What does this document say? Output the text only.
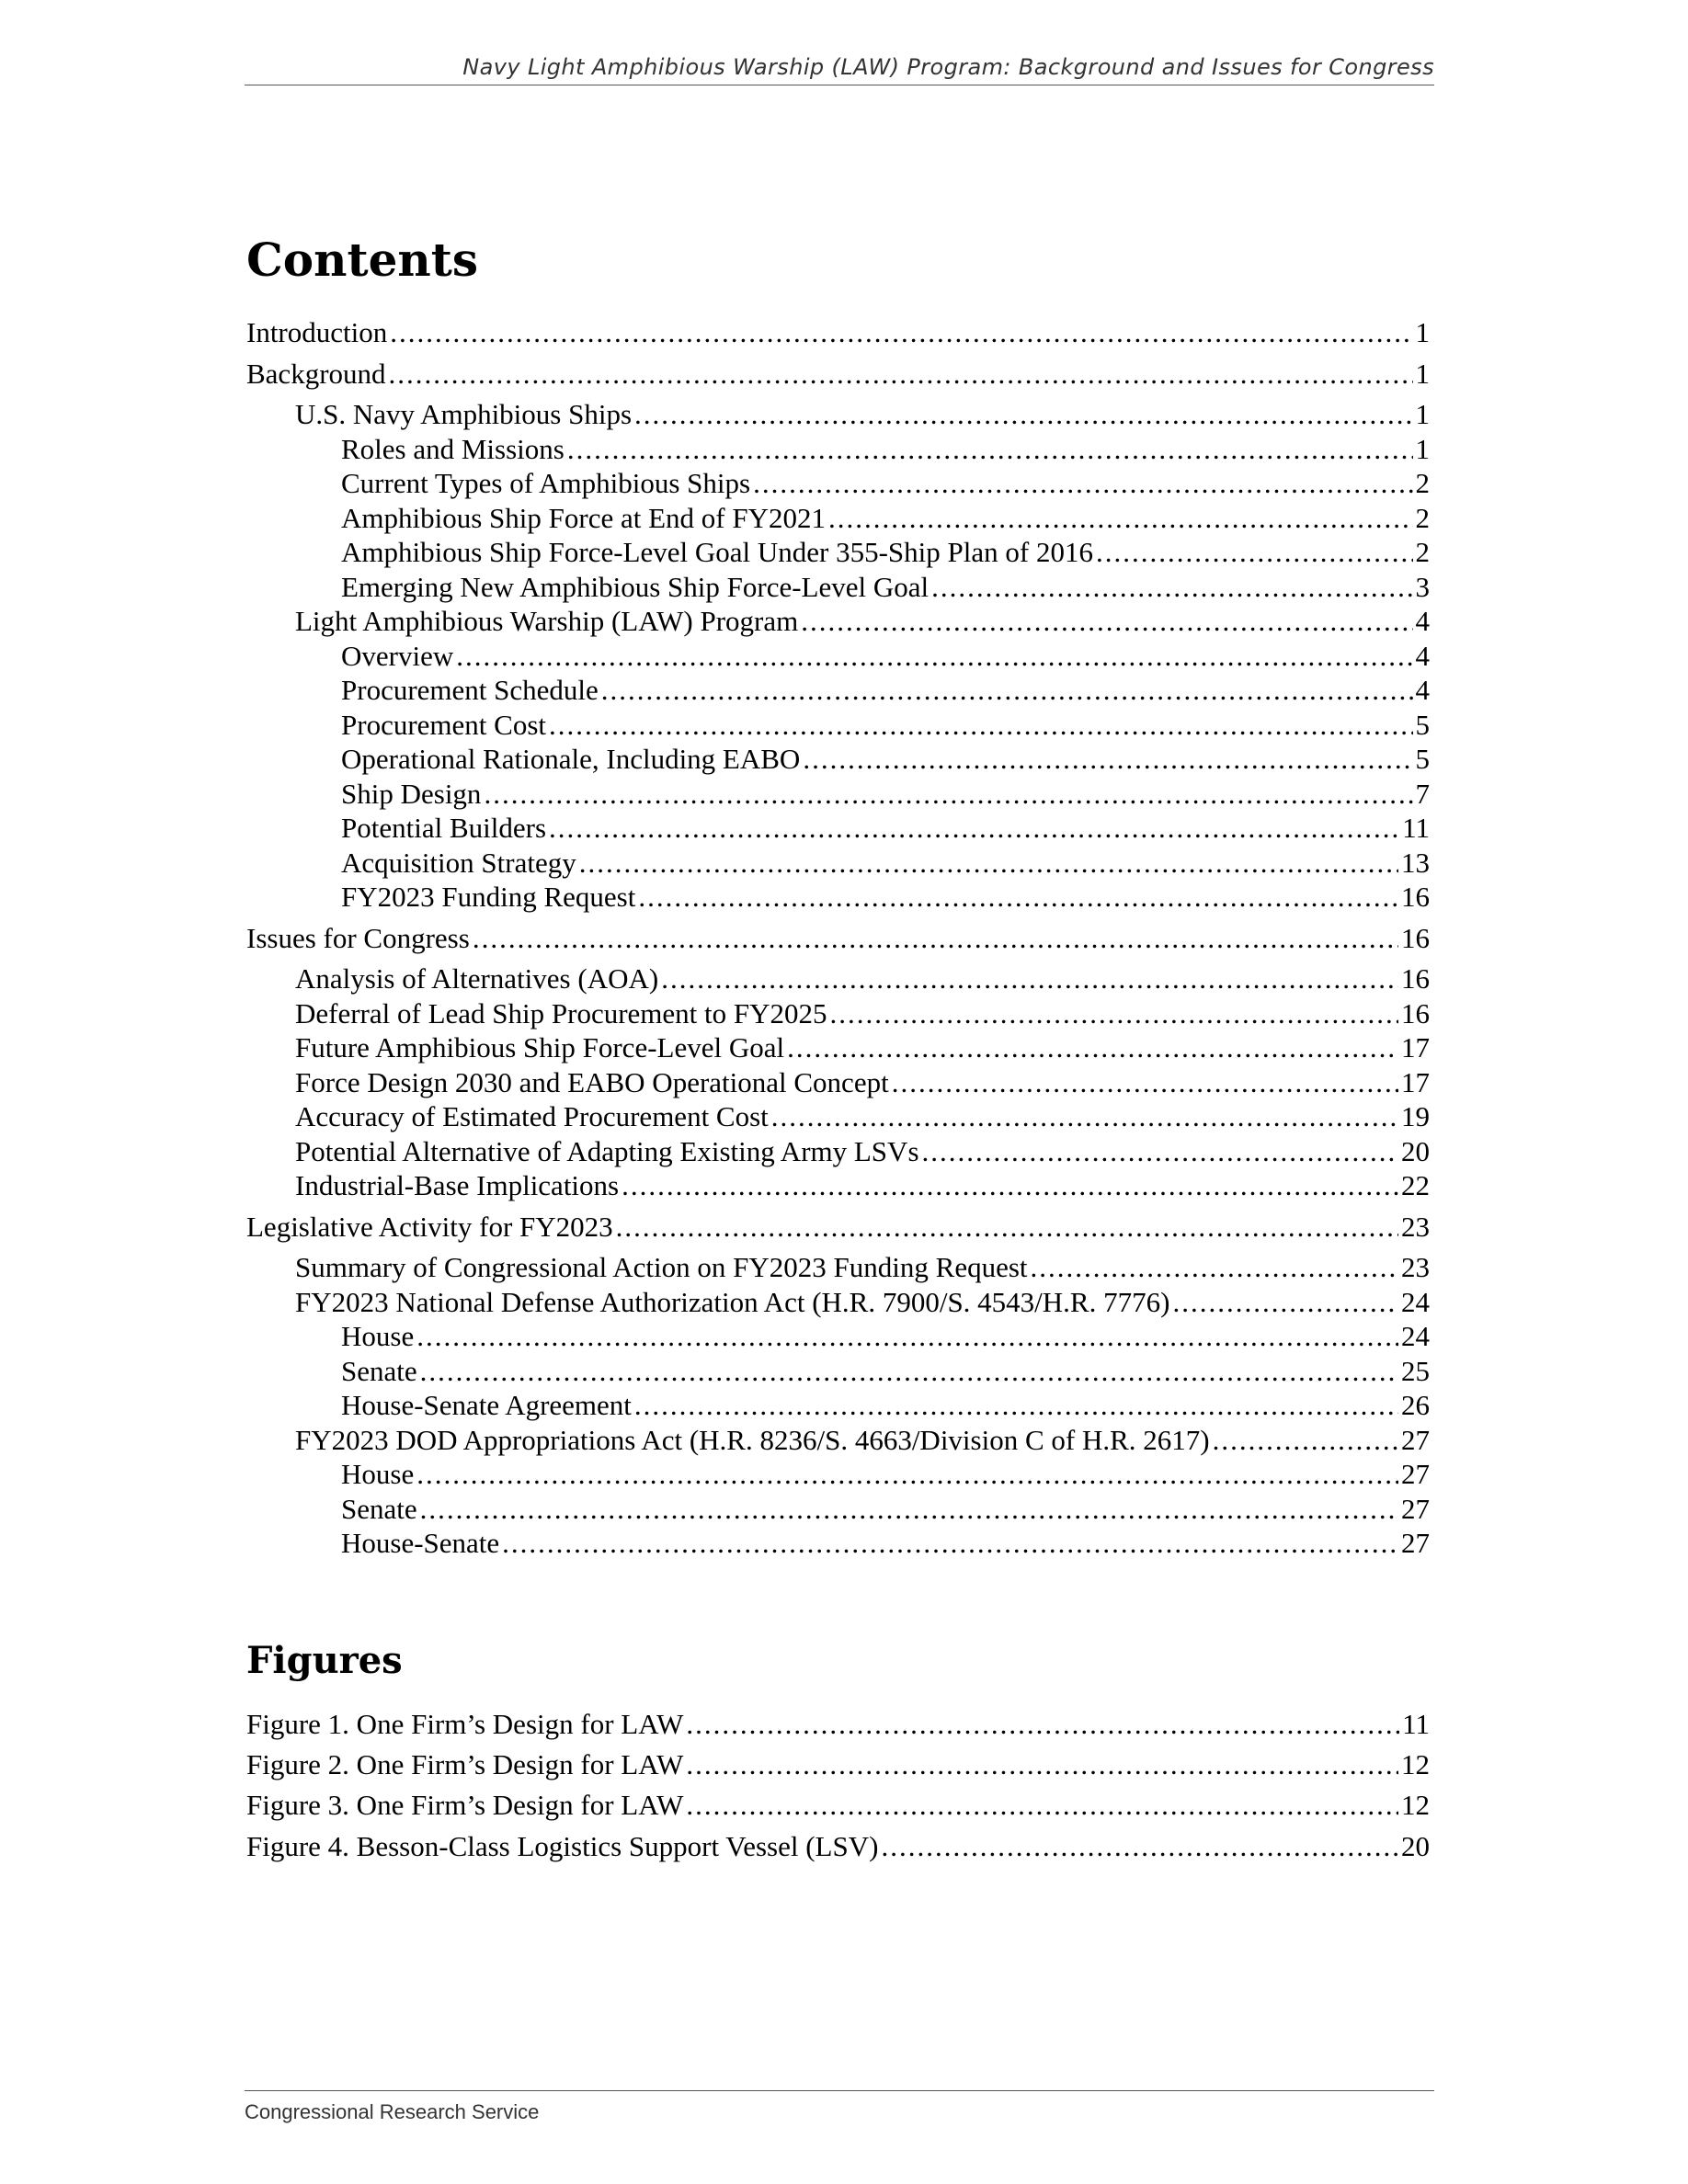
Navy Light Amphibious Warship (LAW) Program: Background and Issues for Congress
Contents
Introduction .....	1
Background .....	1
U.S. Navy Amphibious Ships .....	1
Roles and Missions .....	1
Current Types of Amphibious Ships .....	2
Amphibious Ship Force at End of FY2021 .....	2
Amphibious Ship Force-Level Goal Under 355-Ship Plan of 2016 .....	2
Emerging New Amphibious Ship Force-Level Goal .....	3
Light Amphibious Warship (LAW) Program .....	4
Overview .....	4
Procurement Schedule .....	4
Procurement Cost .....	5
Operational Rationale, Including EABO .....	5
Ship Design .....	7
Potential Builders .....	11
Acquisition Strategy .....	13
FY2023 Funding Request .....	16
Issues for Congress .....	16
Analysis of Alternatives (AOA) .....	16
Deferral of Lead Ship Procurement to FY2025 .....	16
Future Amphibious Ship Force-Level Goal .....	17
Force Design 2030 and EABO Operational Concept .....	17
Accuracy of Estimated Procurement Cost .....	19
Potential Alternative of Adapting Existing Army LSVs .....	20
Industrial-Base Implications .....	22
Legislative Activity for FY2023 .....	23
Summary of Congressional Action on FY2023 Funding Request .....	23
FY2023 National Defense Authorization Act (H.R. 7900/S. 4543/H.R. 7776) .....	24
House .....	24
Senate .....	25
House-Senate Agreement .....	26
FY2023 DOD Appropriations Act (H.R. 8236/S. 4663/Division C of H.R. 2617) .....	27
House .....	27
Senate .....	27
House-Senate .....	27
Figures
Figure 1. One Firm’s Design for LAW .....	11
Figure 2. One Firm’s Design for LAW .....	12
Figure 3. One Firm’s Design for LAW .....	12
Figure 4. Besson-Class Logistics Support Vessel (LSV) .....	20
Congressional Research Service
